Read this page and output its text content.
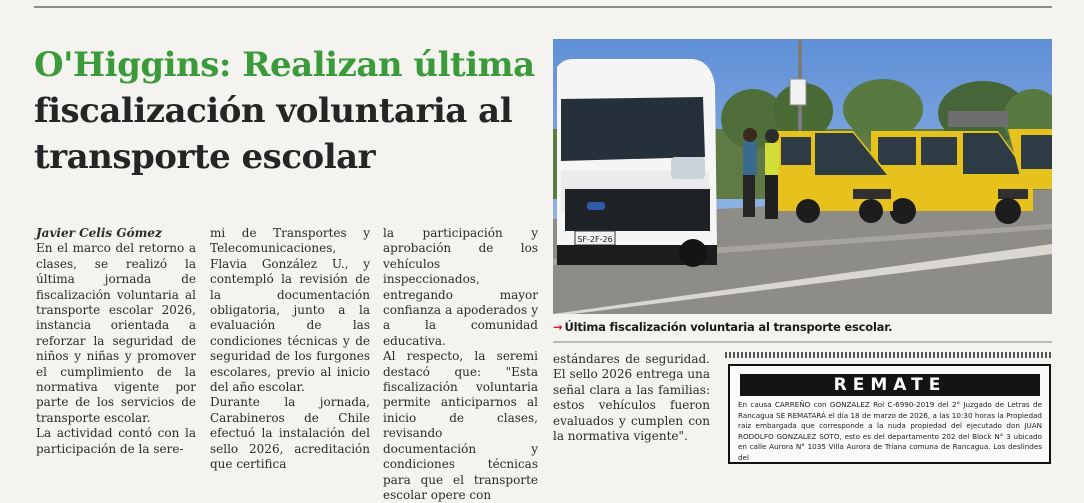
O'Higgins: Realizan última
fiscalización voluntaria al
transporte escolar
Javier Celis Gómez

En el marco del retorno a clases, se realizó la última jornada de fiscalización voluntaria al transporte escolar 2026, instancia orientada a reforzar la seguridad de niños y niñas y promover el cumplimiento de la normativa vigente por parte de los servicios de transporte escolar.

La actividad contó con la participación de la sere-

mi de Transportes y Telecomunicaciones, Flavia González U., y contempló la revisión de la documentación obligatoria, junto a la evaluación de las condiciones técnicas y de seguridad de los furgones escolares, previo al inicio del año escolar.

Durante la jornada, Carabineros de Chile efectuó la instalación del sello 2026, acreditación que certifica

la participación y aprobación de los vehículos inspeccionados, entregando mayor confianza a apoderados y a la comunidad educativa.

Al respecto, la seremi destacó que: "Esta fiscalización voluntaria permite anticiparnos al inicio de clases, revisando documentación y condiciones técnicas para que el transporte escolar opere con

estándares de seguridad. El sello 2026 entrega una señal clara a las familias: estos vehículos fueron evaluados y cumplen con la normativa vigente".

SF-2F-26
→ Última fiscalización voluntaria al transporte escolar.
REMATE
En causa CARREÑO con GONZALEZ Rol C-6990-2019 del 2° Juzgado de Letras de Rancagua SE REMATARÁ el día 18 de marzo de 2026, a las 10:30 horas la Propiedad raíz embargada que corresponde a la nuda propiedad del ejecutado don JUAN RODOLFO GONZALEZ SOTO, esto es del departamento 202 del Block N° 3 ubicado en calle Aurora N° 1035 Villa Aurora de Triana comuna de Rancagua. Los deslindes del
